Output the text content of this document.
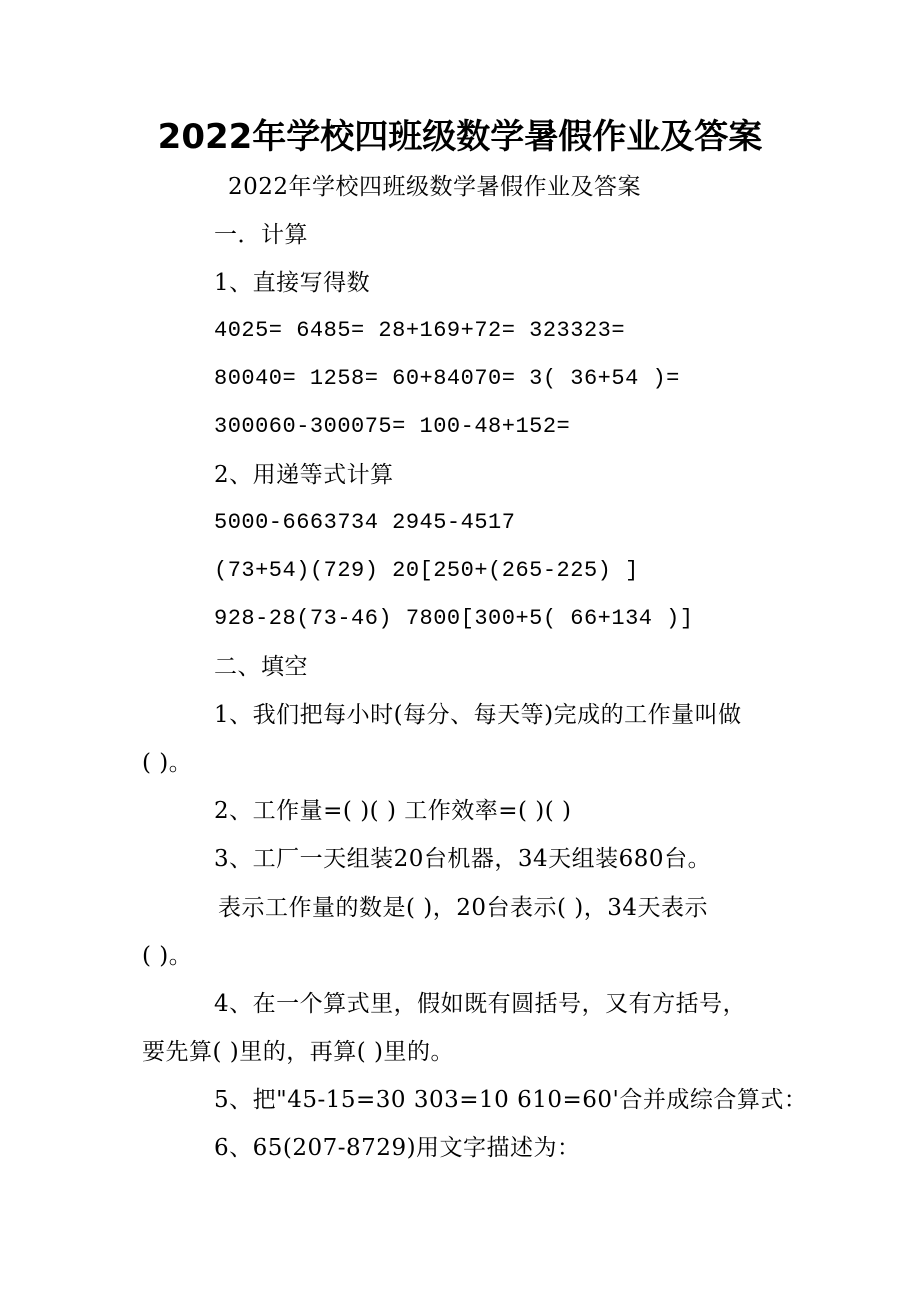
2022年学校四班级数学暑假作业及答案
2022年学校四班级数学暑假作业及答案
一．计算
1、直接写得数
4025= 6485= 28+169+72= 323323=
80040= 1258= 60+84070= 3( 36+54 )=
300060-300075= 100-48+152=
2、用递等式计算
5000-6663734 2945-4517
(73+54)(729) 20[250+(265-225) ]
928-28(73-46) 7800[300+5( 66+134 )]
二、填空
1、我们把每小时(每分、每天等)完成的工作量叫做
( )。
2、工作量=( )( ) 工作效率=( )( )
3、工厂一天组装20台机器，34天组装680台。
表示工作量的数是( )，20台表示( )，34天表示
( )。
4、在一个算式里，假如既有圆括号，又有方括号，
要先算( )里的，再算( )里的。
5、把"45-15=30 303=10 610=60'合并成综合算式：
6、65(207-8729)用文字描述为：
